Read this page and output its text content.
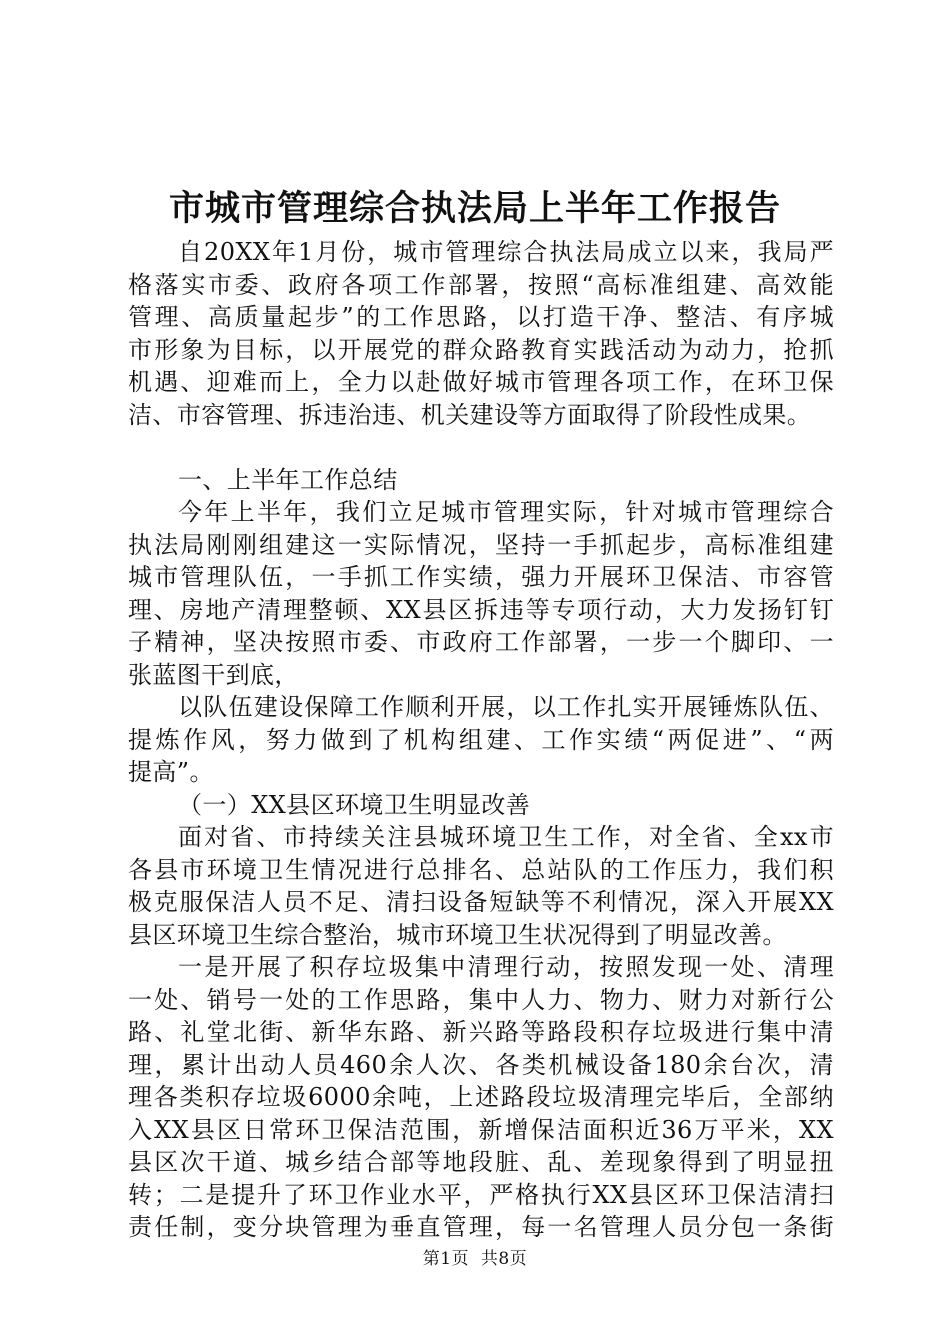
市城市管理综合执法局上半年工作报告
自20XX年1月份，城市管理综合执法局成立以来，我局严
格落实市委、政府各项工作部署，按照“高标准组建、高效能
管理、高质量起步”的工作思路，以打造干净、整洁、有序城
市形象为目标，以开展党的群众路教育实践活动为动力，抢抓
机遇、迎难而上，全力以赴做好城市管理各项工作，在环卫保
洁、市容管理、拆违治违、机关建设等方面取得了阶段性成果。
一、上半年工作总结
今年上半年，我们立足城市管理实际，针对城市管理综合
执法局刚刚组建这一实际情况，坚持一手抓起步，高标准组建
城市管理队伍，一手抓工作实绩，强力开展环卫保洁、市容管
理、房地产清理整顿、XX县区拆违等专项行动，大力发扬钉钉
子精神，坚决按照市委、市政府工作部署，一步一个脚印、一
张蓝图干到底，
以队伍建设保障工作顺利开展，以工作扎实开展锤炼队伍、
提炼作风，努力做到了机构组建、工作实绩“两促进”、“两
提高”。
（一）XX县区环境卫生明显改善
面对省、市持续关注县城环境卫生工作，对全省、全xx市
各县市环境卫生情况进行总排名、总站队的工作压力，我们积
极克服保洁人员不足、清扫设备短缺等不利情况，深入开展XX
县区环境卫生综合整治，城市环境卫生状况得到了明显改善。
一是开展了积存垃圾集中清理行动，按照发现一处、清理
一处、销号一处的工作思路，集中人力、物力、财力对新行公
路、礼堂北街、新华东路、新兴路等路段积存垃圾进行集中清
理，累计出动人员460余人次、各类机械设备180余台次，清
理各类积存垃圾6000余吨，上述路段垃圾清理完毕后，全部纳
入XX县区日常环卫保洁范围，新增保洁面积近36万平米，XX
县区次干道、城乡结合部等地段脏、乱、差现象得到了明显扭
转；二是提升了环卫作业水平，严格执行XX县区环卫保洁清扫
责任制，变分块管理为垂直管理，每一名管理人员分包一条街
第1页  共8页
